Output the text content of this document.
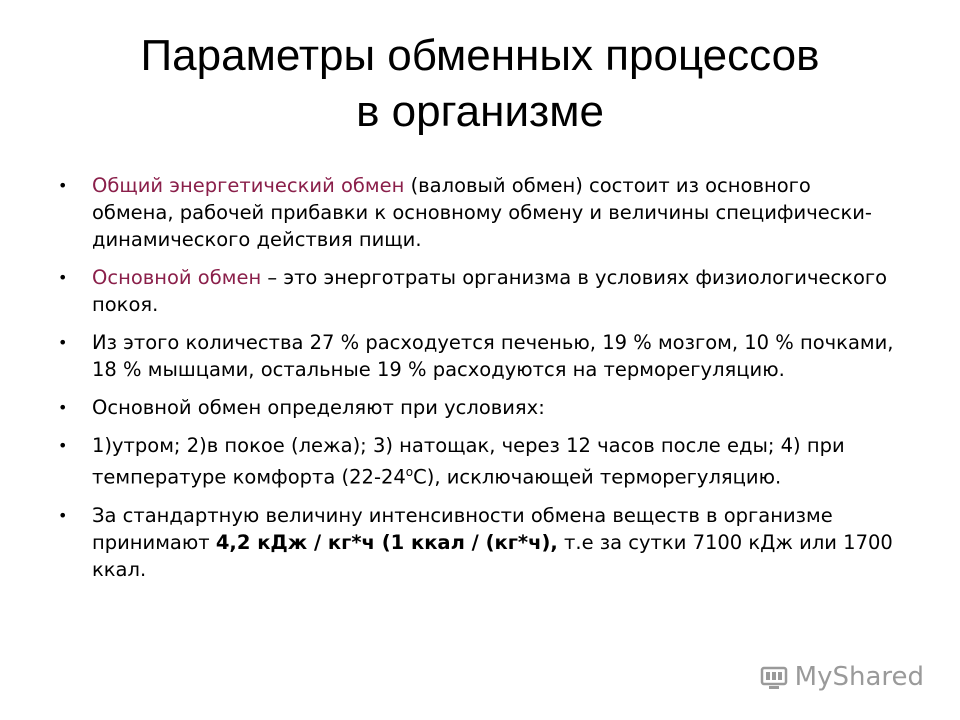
Параметры обменных процессов
в организме
• Общий энергетический обмен (валовый обмен) состоит из основного обмена, рабочей прибавки к основному обмену и величины специфически-динамического действия пищи.
• Основной обмен – это энерготраты организма в условиях физиологического покоя.
• Из этого количества 27 % расходуется печенью, 19 % мозгом, 10 % почками, 18 % мышцами, остальные 19 % расходуются на терморегуляцию.
• Основной обмен определяют при условиях:
• 1)утром; 2)в покое (лежа); 3) натощак, через 12 часов после еды; 4) при температуре комфорта $(22-24^оС)$, исключающей терморегуляцию.
• За стандартную величину интенсивности обмена веществ в организме принимают 4,2 кДж / кг*ч (1 ккал / (кг*ч), т.е за сутки 7100 кДж или 1700 ккал.
MyShared
